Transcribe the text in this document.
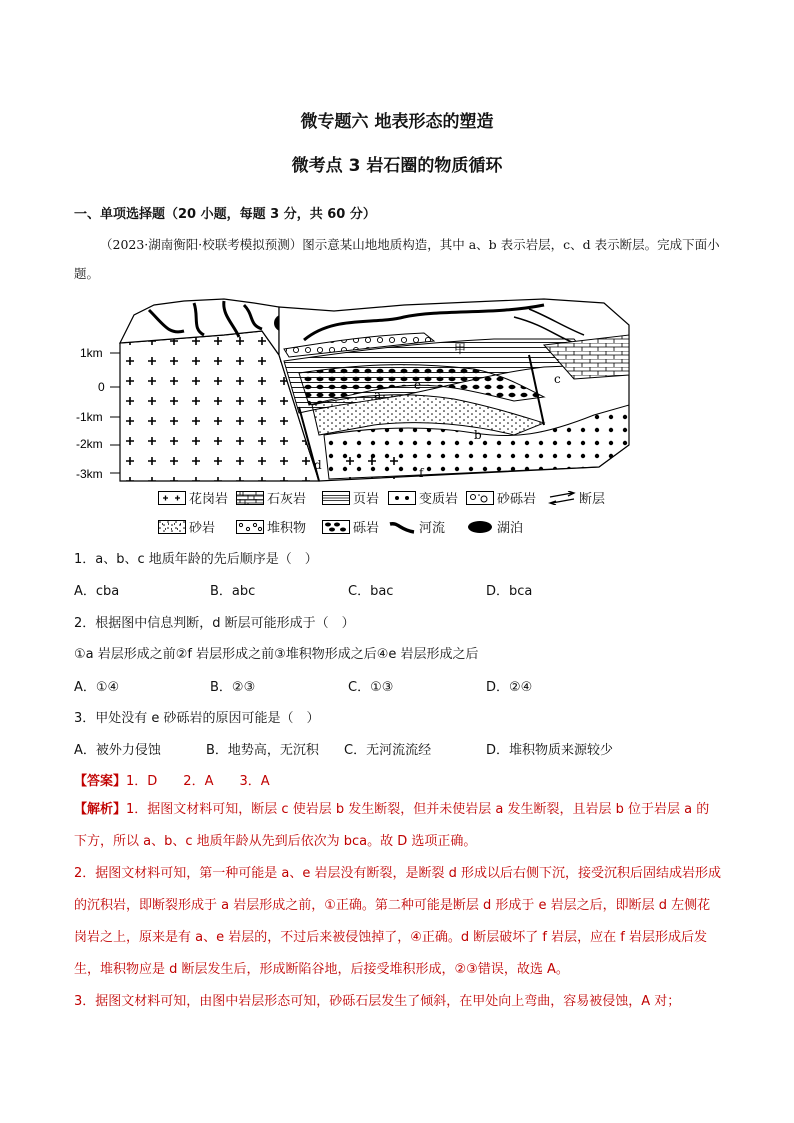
微专题六 地表形态的塑造
微考点 3 岩石圈的物质循环
一、单项选择题（20 小题，每题 3 分，共 60 分）
（2023·湖南衡阳·校联考模拟预测）图示意某山地地质构造，其中 a、b 表示岩层，c、d 表示断层。完成下面小题。
1km
0
-1km
-2km
-3km
甲
e
a
b
c
d
f
花岗岩	石灰岩	页岩	变质岩	砂砾岩	断层
砂岩	堆积物	砾岩	河流	湖泊
1．a、b、c 地质年龄的先后顺序是（　）
A．cba	B．abc	C．bac	D．bca
2．根据图中信息判断，d 断层可能形成于（　）
①a 岩层形成之前②f 岩层形成之前③堆积物形成之后④e 岩层形成之后
A．①④	B．②③	C．①③	D．②④
3．甲处没有 e 砂砾岩的原因可能是（　）
A．被外力侵蚀	B．地势高，无沉积 C．无河流流经	D．堆积物质来源较少
【答案】1．D　　2．A　　3．A
【解析】1．据图文材料可知，断层 c 使岩层 b 发生断裂，但并未使岩层 a 发生断裂，且岩层 b 位于岩层 a 的下方，所以 a、b、c 地质年龄从先到后依次为 bca。故 D 选项正确。
2．据图文材料可知，第一种可能是 a、e 岩层没有断裂，是断裂 d 形成以后右侧下沉，接受沉积后固结成岩形成的沉积岩，即断裂形成于 a 岩层形成之前，①正确。第二种可能是断层 d 形成于 e 岩层之后，即断层 d 左侧花岗岩之上，原来是有 a、e 岩层的，不过后来被侵蚀掉了，④正确。d 断层破坏了 f 岩层，应在 f 岩层形成后发生，堆积物应是 d 断层发生后，形成断陷谷地，后接受堆积形成，②③错误，故选 A。
3．据图文材料可知，由图中岩层形态可知，砂砾石层发生了倾斜，在甲处向上弯曲，容易被侵蚀，A 对；
